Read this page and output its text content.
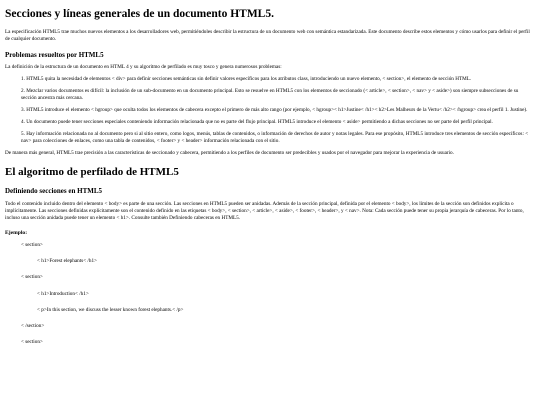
Secciones y líneas generales de un documento HTML5.

La especificación HTML5 trae muchos nuevos elementos a los desarrolladores web, permitiéndoles describir la estructura de un documento web con semántica estandarizada. Este documento describe estos elementos y cómo usarlos para definir el perfil de cualquier documento.

Problemas resueltos por HTML5

La definición de la estructura de un documento en HTML 4 y su algoritmo de perfilado es muy tosco y genera numerosos problemas:

1. HTML5 quita la necesidad de elementos < div> para definir secciones semánticas sin definir valores específicos para los atributos class, introduciendo un nuevo elemento, < section>, el elemento de sección HTML.
2. Mezclar varios documentos es difícil: la inclusión de un sub-documento en un documento principal. Esto se resuelve en HTML5 con los elementos de seccionado (< article>, < section>, < nav> y < aside>) son siempre subsecciones de su sección ancestra más cercana.
3. HTML5 introduce el elemento < hgroup> que oculta todos los elementos de cabecera excepto el primero de más alto rango (por ejemplo, < hgroup>< h1>Justine< /h1>< h2>Les Malheurs de la Vertu< /h2>< /hgroup> crea el perfil 1. Justine).
4. Un documento puede tener secciones especiales conteniendo información relacionada que no es parte del flujo principal. HTML5 introduce el elemento < aside> permitiendo a dichas secciones no ser parte del perfil principal.
5. Hay información relacionada no al documento pero si al sitio entero, como logos, menús, tablas de contenidos, o información de derechos de autor y notas legales. Para ese propósito, HTML5 introduce tres elementos de sección específicos: < nav> para colecciones de enlaces, como una tabla de contenidos, < footer> y < header> información relacionada con el sitio.

De manera más general, HTML5 trae precisión a las características de seccionado y cabecera, permitiendo a los perfiles de documento ser predecibles y usados por el navegador para mejorar la experiencia de usuario.

El algoritmo de perfilado de HTML5
Definiendo secciones en HTML5

Todo el contenido incluido dentro del elemento < body> es parte de una sección. Las secciones en HTML5 pueden ser anidadas. Además de la sección principal, definida por el elemento < body>, los límites de la sección son definidos explícita o implícitamente. Las secciones definidas explícitamente son el contenido definido en las etiquetas < body>, < section>, < article>, < aside>, < footer>, < header>, y < nav>. Nota: Cada sección puede tener su propia jerarquía de cabeceras. Por lo tanto, incluso una sección anidada puede tener un elemento < h1>. Consulte también Definiendo cabeceras en HTML5.

Ejemplo:
< section>
< h1>Forest elephants< /h1>
< section>
< h1>Introduction< /h1>
< p>In this section, we discuss the lesser known forest elephants.< /p>
< /section>
< section>
